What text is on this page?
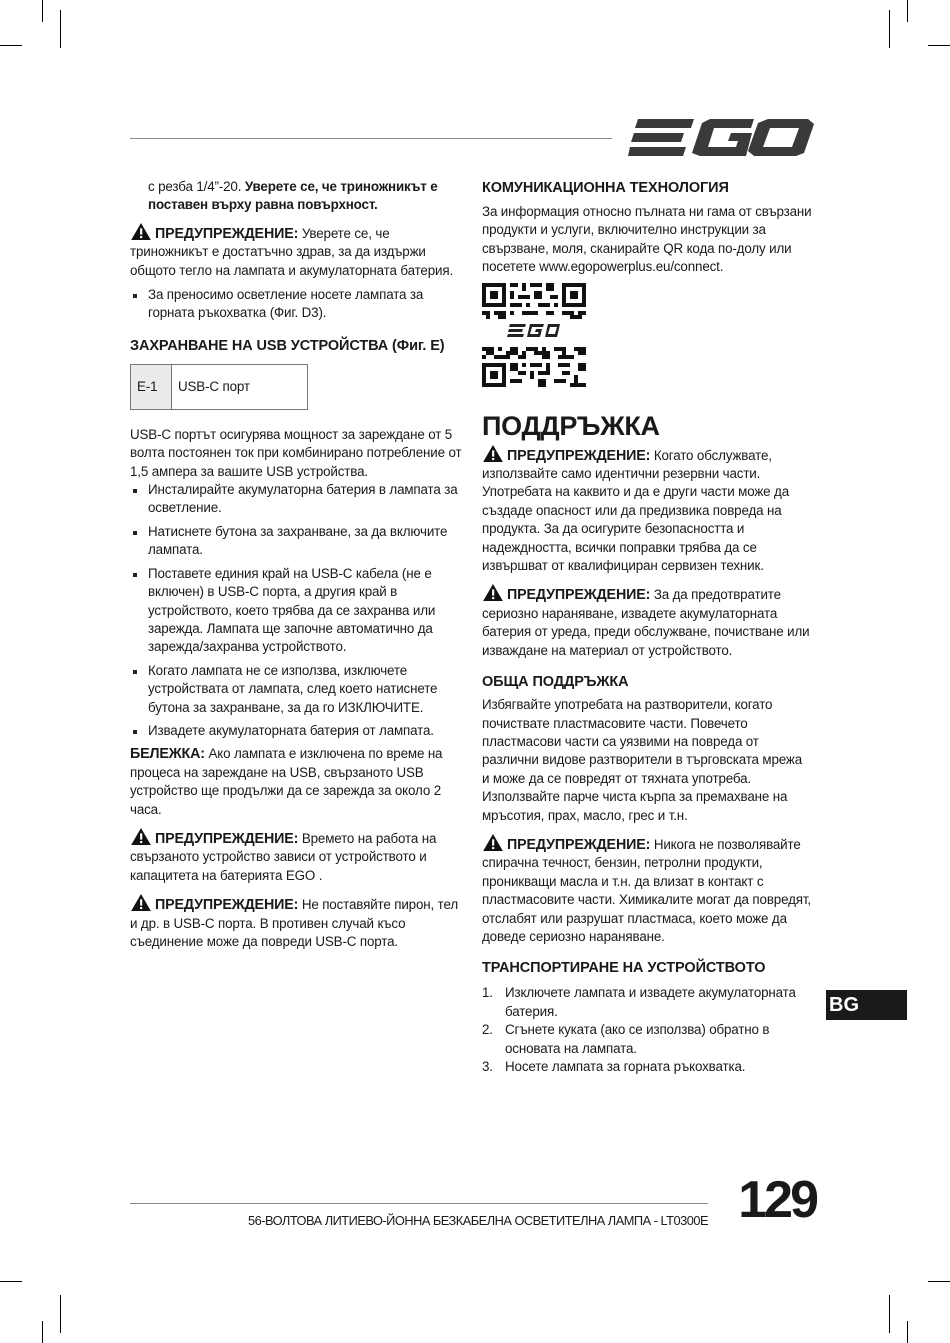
с резба 1/4”-20. Уверете се, че триножникът е поставен върху равна повърхност.

ПРЕДУПРЕЖДЕНИЕ: Уверете се, че триножникът е достатъчно здрав, за да издържи общото тегло на лампата и акумулаторната батерия.

За преносимо осветление носете лампата за горната ръкохватка (Фиг. D3).
ЗАХРАНВАНЕ НА USB УСТРОЙСТВА (Фиг. E)
E-1	USB-C порт

USB-C портът осигурява мощност за зареждане от 5 волта постоянен ток при комбинирано потребление от 1,5 ампера за вашите USB устройства.

Инсталирайте акумулаторна батерия в лампата за осветление.
Натиснете бутона за захранване, за да включите лампата.
Поставете единия край на USB-C кабела (не е включен) в USB-C порта, а другия край в устройството, което трябва да се захранва или зарежда. Лампата ще започне автоматично да зарежда/захранва устройството.
Когато лампата не се използва, изключете устройствата от лампата, след което натиснете бутона за захранване, за да го ИЗКЛЮЧИТЕ.
Извадете акумулаторната батерия от лампата.

БЕЛЕЖКА: Ако лампата е изключена по време на процеса на зареждане на USB, свързаното USB устройство ще продължи да се зарежда за около 2 часа.

ПРЕДУПРЕЖДЕНИЕ: Времето на работа на свързаното устройство зависи от устройството и капацитета на батерията EGO .

ПРЕДУПРЕЖДЕНИЕ: Не поставяйте пирон, тел и др. в USB-C порта. В противен случай късо съединение може да повреди USB-C порта.

КОМУНИКАЦИОННА ТЕХНОЛОГИЯ

За информация относно пълната ни гама от свързани продукти и услуги, включително инструкции за свързване, моля, сканирайте QR кода по-долу или посетете www.egopowerplus.eu/connect.

ПОДДРЪЖКА

ПРЕДУПРЕЖДЕНИЕ: Когато обслужвате, използвайте само идентични резервни части. Употребата на каквито и да е други части може да създаде опасност или да предизвика повреда на продукта. За да осигурите безопасността и надеждността, всички поправки трябва да се извършват от квалифициран сервизен техник.

ПРЕДУПРЕЖДЕНИЕ: За да предотвратите сериозно нараняване, извадете акумулаторната батерия от уреда, преди обслужване, почистване или изваждане на материал от устройството.

ОБЩА ПОДДРЪЖКА

Избягвайте употребата на разтворители, когато почиствате пластмасовите части. Повечето пластмасови части са уязвими на повреда от различни видове разтворители в търговската мрежа и може да се повредят от тяхната употреба. Използвайте парче чиста кърпа за премахване на мръсотия, прах, масло, грес и т.н.

ПРЕДУПРЕЖДЕНИЕ: Никога не позволявайте спирачна течност, бензин, петролни продукти, проникващи масла и т.н. да влизат в контакт с пластмасовите части. Химикалите могат да повредят, отслабят или разрушат пластмаса, което може да доведе сериозно нараняване.

ТРАНСПОРТИРАНЕ НА УСТРОЙСТВОТО
1. Изключете лампата и извадете акумулаторната батерия.
2. Сгънете куката (ако се използва) обратно в основата на лампата.
3. Носете лампата за горната ръкохватка.
BG
56-ВОЛТОВА ЛИТИЕВО-ЙОННА БЕЗКАБЕЛНА ОСВЕТИТЕЛНА ЛАМПА - LT0300E 129
